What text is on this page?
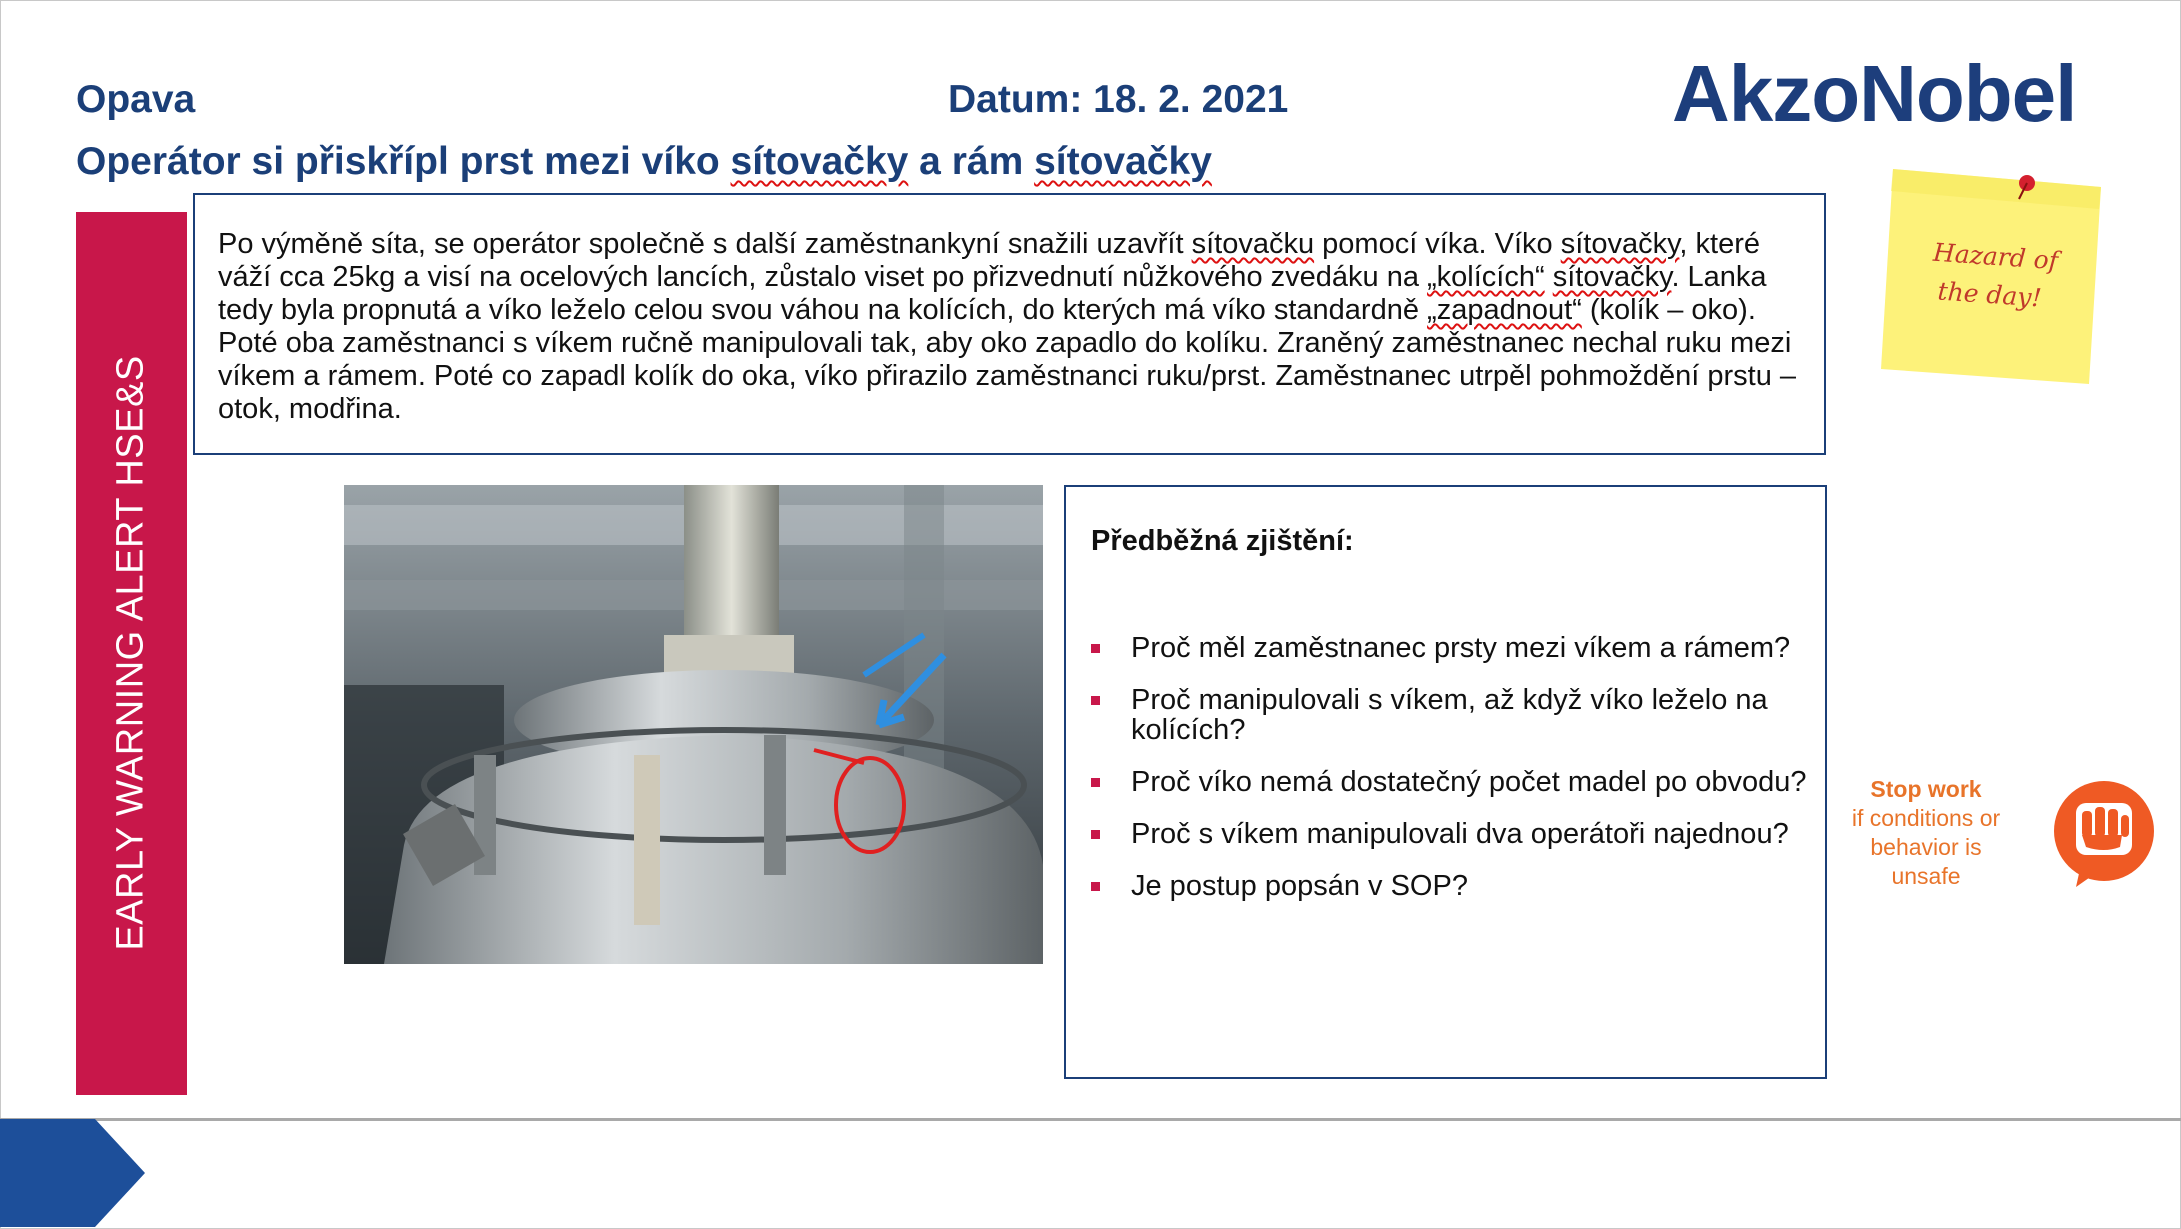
Opava	Datum: 18. 2. 2021
Operátor si přiskřípl prst mezi víko sítovačky a rám sítovačky
AkzoNobel
EARLY WARNING ALERT HSE&S
Po výměně síta, se operátor společně s další zaměstnankyní snažili uzavřít sítovačku pomocí víka. Víko sítovačky, které váží cca 25kg a visí na ocelových lancích, zůstalo viset po přizvednutí nůžkového zvedáku na „kolících“ sítovačky. Lanka tedy byla propnutá a víko leželo celou svou váhou na kolících, do kterých má víko standardně „zapadnout“ (kolík – oko). Poté oba zaměstnanci s víkem ručně manipulovali tak, aby oko zapadlo do kolíku. Zraněný zaměstnanec nechal ruku mezi víkem a rámem. Poté co zapadl kolík do oka, víko přirazilo zaměstnanci ruku/prst. Zaměstnanec utrpěl pohmoždění prstu – otok, modřina.
Předběžná zjištění:
Proč měl zaměstnanec prsty mezi víkem a rámem?
Proč manipulovali s víkem, až když víko leželo na kolících?
Proč víko nemá dostatečný počet madel po obvodu?
Proč s víkem manipulovali dva operátoři najednou?
Je postup popsán v SOP?
Hazard of
the day!
Stop work
if conditions or
behavior is
unsafe
